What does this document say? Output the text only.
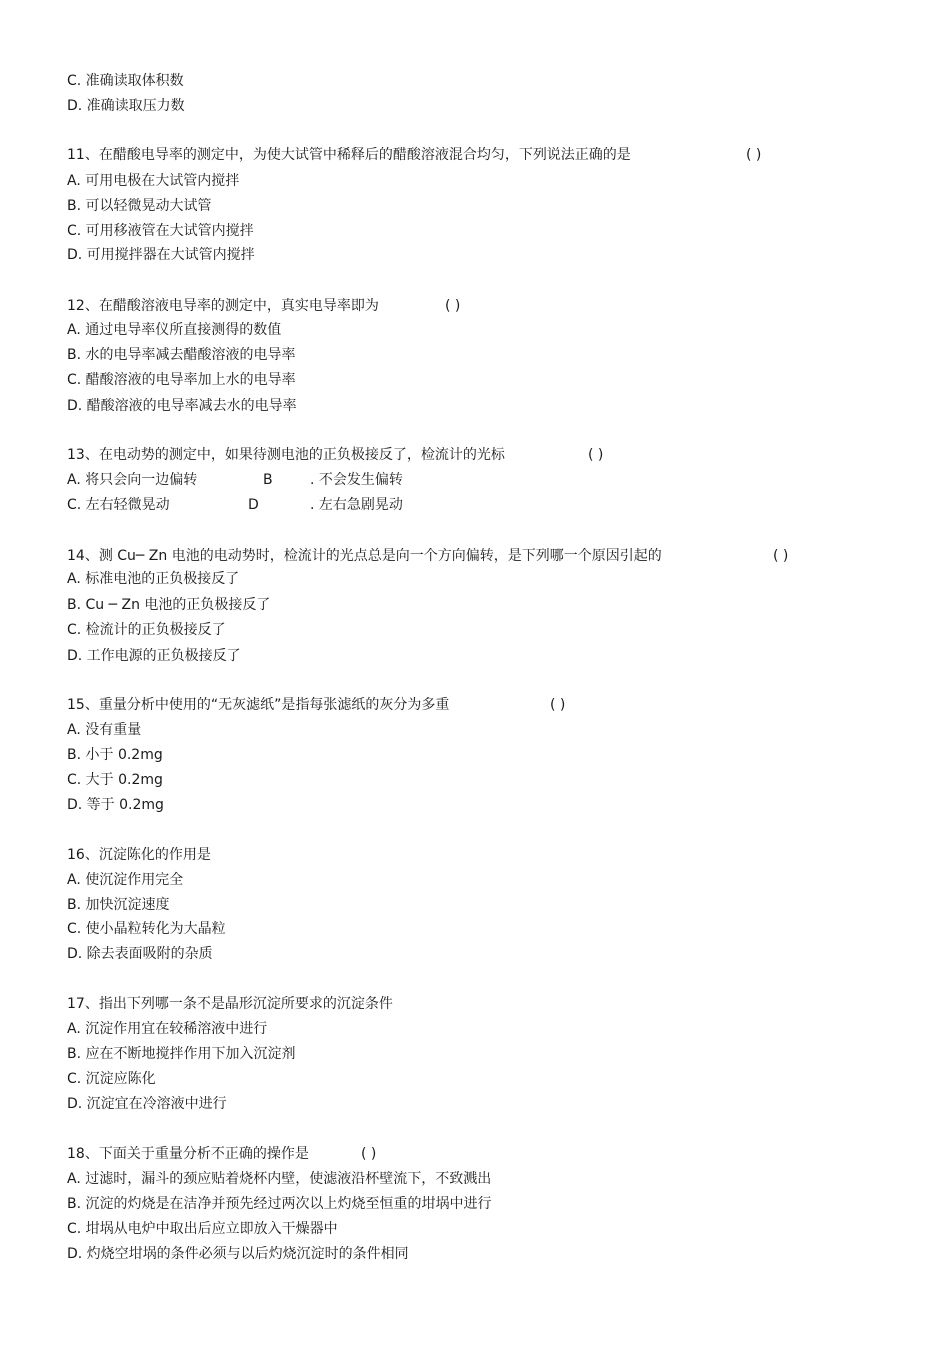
C. 准确读取体积数
D. 准确读取压力数
11、在醋酸电导率的测定中，为使大试管中稀释后的醋酸溶液混合均匀，下列说法正确的是	( )
A. 可用电极在大试管内搅拌
B. 可以轻微晃动大试管
C. 可用移液管在大试管内搅拌
D. 可用搅拌器在大试管内搅拌
12、在醋酸溶液电导率的测定中，真实电导率即为	( )
A. 通过电导率仪所直接测得的数值
B. 水的电导率减去醋酸溶液的电导率
C. 醋酸溶液的电导率加上水的电导率
D. 醋酸溶液的电导率减去水的电导率
13、在电动势的测定中，如果待测电池的正负极接反了，检流计的光标	( )
A. 将只会向一边偏转	B	. 不会发生偏转
C. 左右轻微晃动	D	. 左右急剧晃动
14、测 Cu─ Zn 电池的电动势时，检流计的光点总是向一个方向偏转，是下列哪一个原因引起的	( )
A. 标准电池的正负极接反了
B. Cu ─ Zn 电池的正负极接反了
C. 检流计的正负极接反了
D. 工作电源的正负极接反了
15、重量分析中使用的“无灰滤纸”是指每张滤纸的灰分为多重	( )
A. 没有重量
B. 小于 0.2mg
C. 大于 0.2mg
D. 等于 0.2mg
16、沉淀陈化的作用是
A. 使沉淀作用完全
B. 加快沉淀速度
C. 使小晶粒转化为大晶粒
D. 除去表面吸附的杂质
17、指出下列哪一条不是晶形沉淀所要求的沉淀条件
A. 沉淀作用宜在较稀溶液中进行
B. 应在不断地搅拌作用下加入沉淀剂
C. 沉淀应陈化
D. 沉淀宜在冷溶液中进行
18、下面关于重量分析不正确的操作是	( )
A. 过滤时，漏斗的颈应贴着烧杯内壁，使滤液沿杯壁流下，不致溅出
B. 沉淀的灼烧是在洁净并预先经过两次以上灼烧至恒重的坩埚中进行
C. 坩埚从电炉中取出后应立即放入干燥器中
D. 灼烧空坩埚的条件必须与以后灼烧沉淀时的条件相同
